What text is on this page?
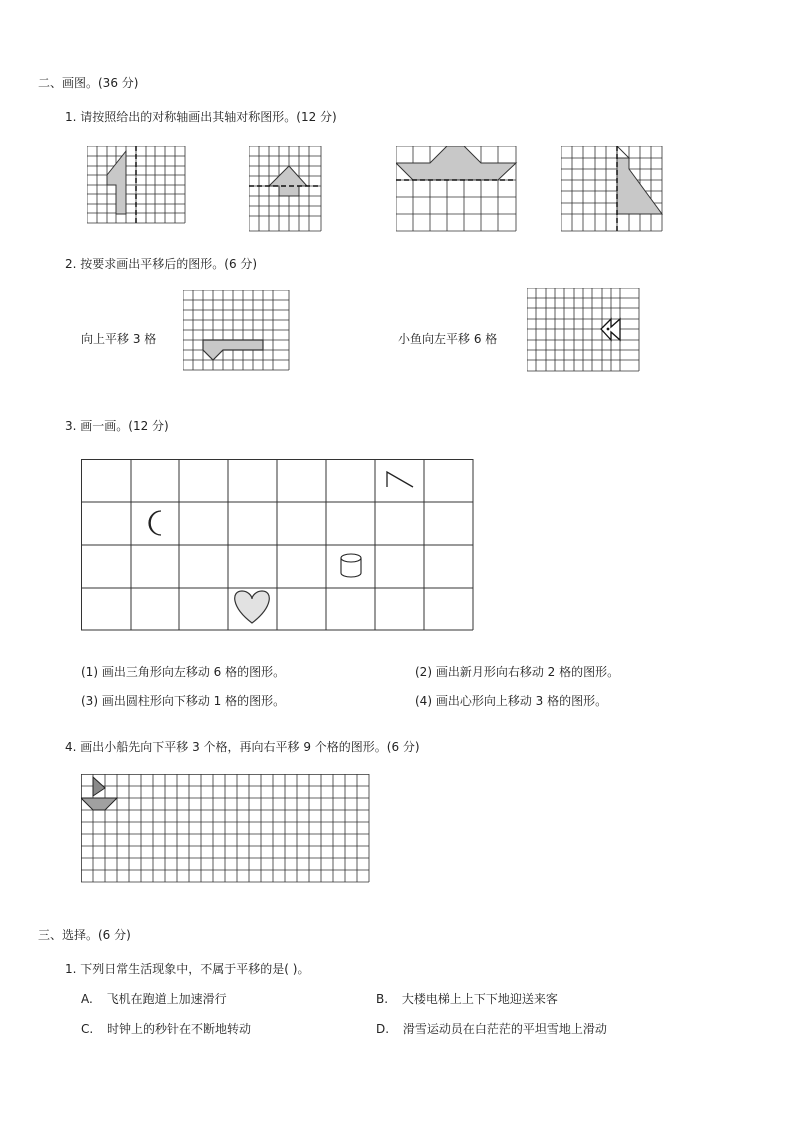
二、画图。(36 分)
1. 请按照给出的对称轴画出其轴对称图形。(12 分)
2. 按要求画出平移后的图形。(6 分)
向上平移 3 格	小鱼向左平移 6 格
3. 画一画。(12 分)
(1) 画出三角形向左移动 6 格的图形。	(2) 画出新月形向右移动 2 格的图形。
(3) 画出圆柱形向下移动 1 格的图形。	(4) 画出心形向上移动 3 格的图形。
4. 画出小船先向下平移 3 个格，再向右平移 9 个格的图形。(6 分)
三、选择。(6 分)
1. 下列日常生活现象中，不属于平移的是( )。
A. 飞机在跑道上加速滑行	B. 大楼电梯上上下下地迎送来客
C. 时钟上的秒针在不断地转动	D. 滑雪运动员在白茫茫的平坦雪地上滑动
